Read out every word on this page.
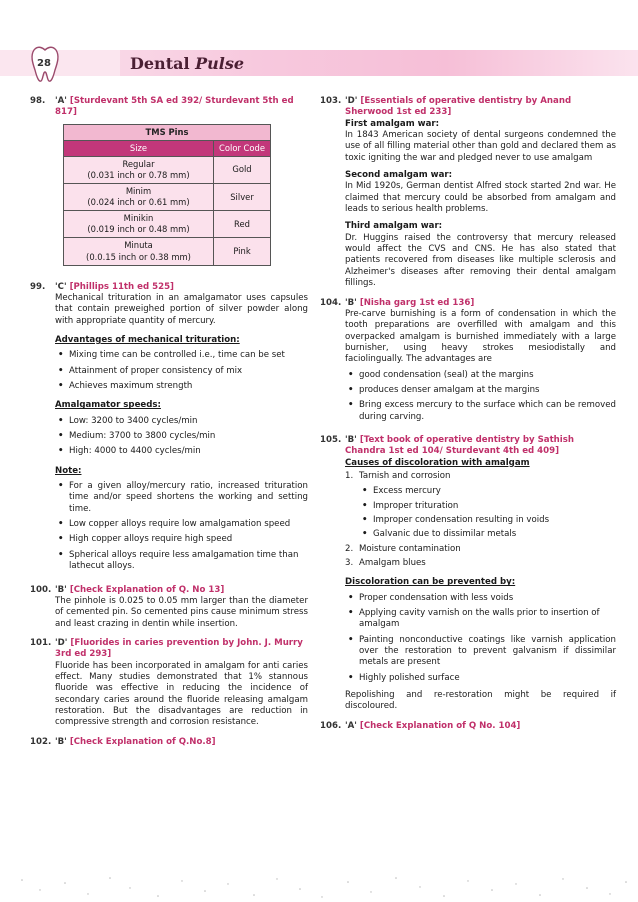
28	Dental Pulse
98.	'A' [Sturdevant 5th SA ed 392/ Sturdevant 5th ed 817]
TMS Pins	
Size	Color Code

Regular
(0.031 inch or 0.78 mm)	Gold

Minim
(0.024 inch or 0.61 mm)	Silver

Minikin
(0.019 inch or 0.48 mm)	Red

Minuta
(0.0.15 inch or 0.38 mm)	Pink
99.	'C' [Phillips 11th ed 525]
Mechanical trituration in an amalgamator uses capsules that contain preweighed portion of silver powder along with appropriate quantity of mercury.
Advantages of mechanical trituration:
• Mixing time can be controlled i.e., time can be set
• Attainment of proper consistency of mix
• Achieves maximum strength
Amalgamator speeds:
• Low: 3200 to 3400 cycles/min
• Medium: 3700 to 3800 cycles/min
• High: 4000 to 4400 cycles/min
Note:
• For a given alloy/mercury ratio, increased trituration time and/or speed shortens the working and setting time.
• Low copper alloys require low amalgamation speed
• High copper alloys require high speed
• Spherical alloys require less amalgamation time than lathecut alloys.
100. 'B' [Check Explanation of Q. No 13]
The pinhole is 0.025 to 0.05 mm larger than the diameter of cemented pin. So cemented pins cause minimum stress and least crazing in dentin while insertion.
101. 'D' [Fluorides in caries prevention by John. J. Murry 3rd ed 293]
Fluoride has been incorporated in amalgam for anti caries effect. Many studies demonstrated that 1% stannous fluoride was effective in reducing the incidence of secondary caries around the fluoride releasing amalgam restoration. But the disadvantages are reduction in compressive strength and corrosion resistance.
102. 'B' [Check Explanation of Q.No.8]
103. 'D' [Essentials of operative dentistry by Anand Sherwood 1st ed 233]
First amalgam war:
In 1843 American society of dental surgeons condemned the use of all filling material other than gold and declared them as toxic igniting the war and pledged never to use amalgam
Second amalgam war:
In Mid 1920s, German dentist Alfred stock started 2nd war. He claimed that mercury could be absorbed from amalgam and leads to serious health problems.
Third amalgam war:
Dr. Huggins raised the controversy that mercury released would affect the CVS and CNS. He has also stated that patients recovered from diseases like multiple sclerosis and Alzheimer's diseases after removing their dental amalgam fillings.
104. 'B' [Nisha garg 1st ed 136]
Pre-carve burnishing is a form of condensation in which the tooth preparations are overfilled with amalgam and this overpacked amalgam is burnished immediately with a large burnisher, using heavy strokes mesiodistally and faciolingually. The advantages are
• good condensation (seal) at the margins
• produces denser amalgam at the margins
• Bring excess mercury to the surface which can be removed during carving.
105. 'B' [Text book of operative dentistry by Sathish Chandra 1st ed 104/ Sturdevant 4th ed 409]
Causes of discoloration with amalgam
1. Tarnish and corrosion
• Excess mercury
• Improper trituration
• Improper condensation resulting in voids
• Galvanic due to dissimilar metals
2. Moisture contamination
3. Amalgam blues
Discoloration can be prevented by:
• Proper condensation with less voids
• Applying cavity varnish on the walls prior to insertion of amalgam
• Painting nonconductive coatings like varnish application over the restoration to prevent galvanism if dissimilar metals are present
• Highly polished surface
Repolishing and re-restoration might be required if discoloured.
106. 'A' [Check Explanation of Q No. 104]
